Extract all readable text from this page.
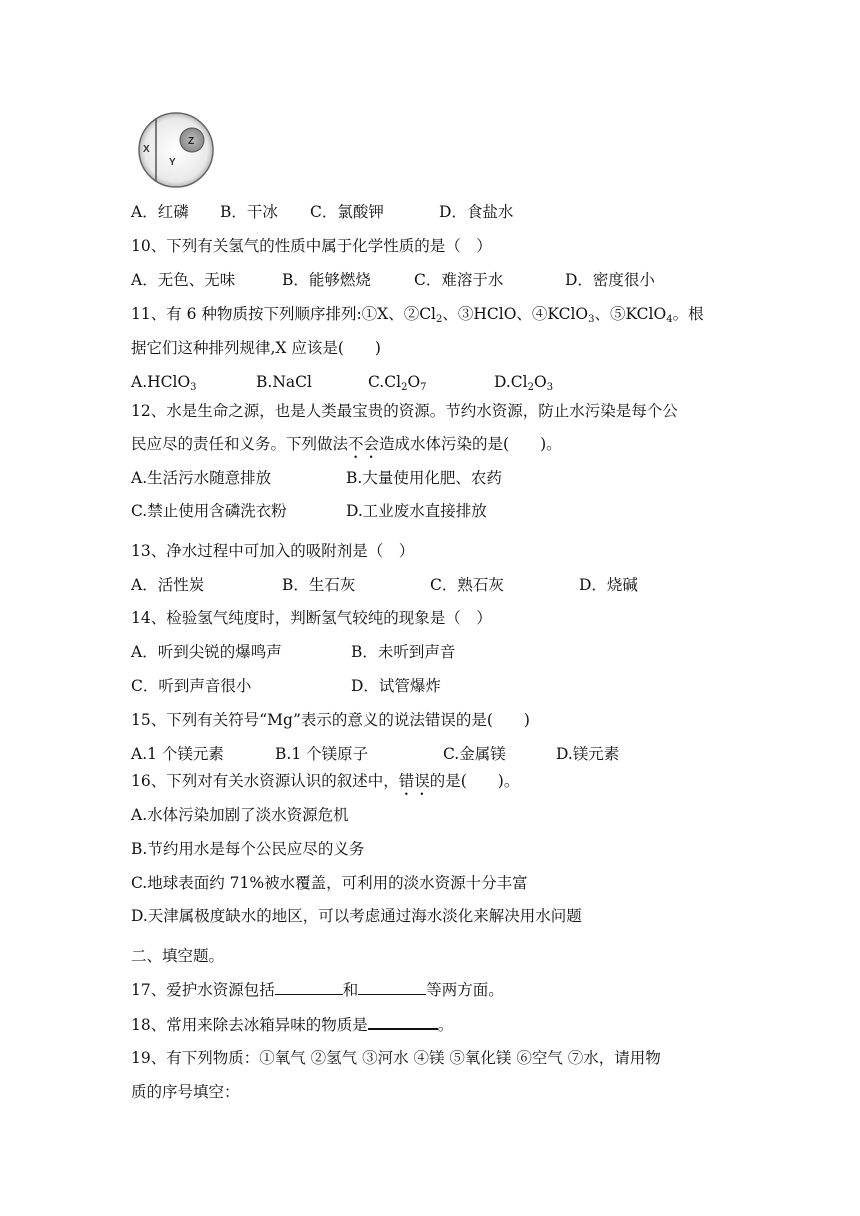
X
Y
Z
A．红磷 B．干冰 C．氯酸钾	D．食盐水
10、下列有关氢气的性质中属于化学性质的是（　）
A．无色、无味	B．能够燃烧	C．难溶于水	D．密度很小
11、有 6 种物质按下列顺序排列:①X、$②Cl_2$、③HClO、④KClO$_3$、⑤KClO$_4$。根
据它们这种排列规律,X 应该是(　　)
A.HClO$_3$	B.NaCl	$C.Cl_2O_7$	$D.Cl_2O_3$
12、水是生命之源，也是人类最宝贵的资源。节约水资源，防止水污染是每个公
民应尽的责任和义务。下列做法不会造成水体污染的是(　　)。
A.生活污水随意排放	B.大量使用化肥、农药
C.禁止使用含磷洗衣粉	D.工业废水直接排放
13、净水过程中可加入的吸附剂是（　）
A．活性炭	B．生石灰	C．熟石灰	D．烧碱
14、检验氢气纯度时，判断氢气较纯的现象是（　）
A．听到尖锐的爆鸣声	B．未听到声音
C．听到声音很小	D．试管爆炸
15、下列有关符号“Mg”表示的意义的说法错误的是(　　)
A.1 个镁元素	B.1 个镁原子	C.金属镁	D.镁元素
16、下列对有关水资源认识的叙述中，错误的是(　　)。
A.水体污染加剧了淡水资源危机
B.节约用水是每个公民应尽的义务
C.地球表面约 71%被水覆盖，可利用的淡水资源十分丰富
D.天津属极度缺水的地区，可以考虑通过海水淡化来解决用水问题
二、填空题。
17、爱护水资源包括	和	等两方面。
18、常用来除去冰箱异味的物质是	。
19、有下列物质：①氧气 ②氢气 ③河水 ④镁 ⑤氧化镁 ⑥空气 ⑦水，请用物
质的序号填空：
